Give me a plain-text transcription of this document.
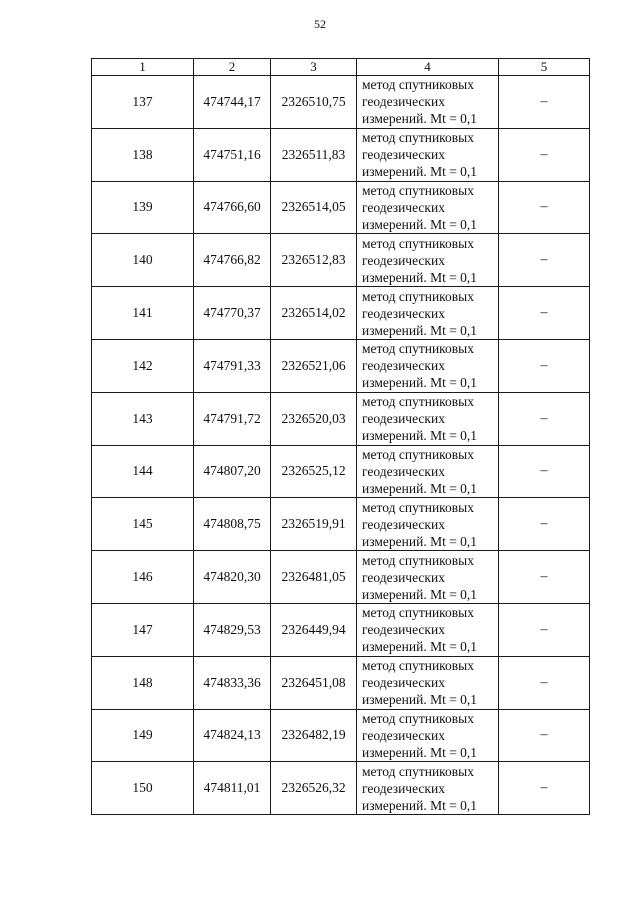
52
1	2	3	4	5
137	474744,17	2326510,75	метод спутниковых
геодезических
измерений. Mt = 0,1	–
138	474751,16	2326511,83	метод спутниковых
геодезических
измерений. Mt = 0,1	–
139	474766,60	2326514,05	метод спутниковых
геодезических
измерений. Mt = 0,1	–
140	474766,82	2326512,83	метод спутниковых
геодезических
измерений. Mt = 0,1	–
141	474770,37	2326514,02	метод спутниковых
геодезических
измерений. Mt = 0,1	–
142	474791,33	2326521,06	метод спутниковых
геодезических
измерений. Mt = 0,1	–
143	474791,72	2326520,03	метод спутниковых
геодезических
измерений. Mt = 0,1	–
144	474807,20	2326525,12	метод спутниковых
геодезических
измерений. Mt = 0,1	–
145	474808,75	2326519,91	метод спутниковых
геодезических
измерений. Mt = 0,1	–
146	474820,30	2326481,05	метод спутниковых
геодезических
измерений. Mt = 0,1	–
147	474829,53	2326449,94	метод спутниковых
геодезических
измерений. Mt = 0,1	–
148	474833,36	2326451,08	метод спутниковых
геодезических
измерений. Mt = 0,1	–
149	474824,13	2326482,19	метод спутниковых
геодезических
измерений. Mt = 0,1	–
150	474811,01	2326526,32	метод спутниковых
геодезических
измерений. Mt = 0,1	–
